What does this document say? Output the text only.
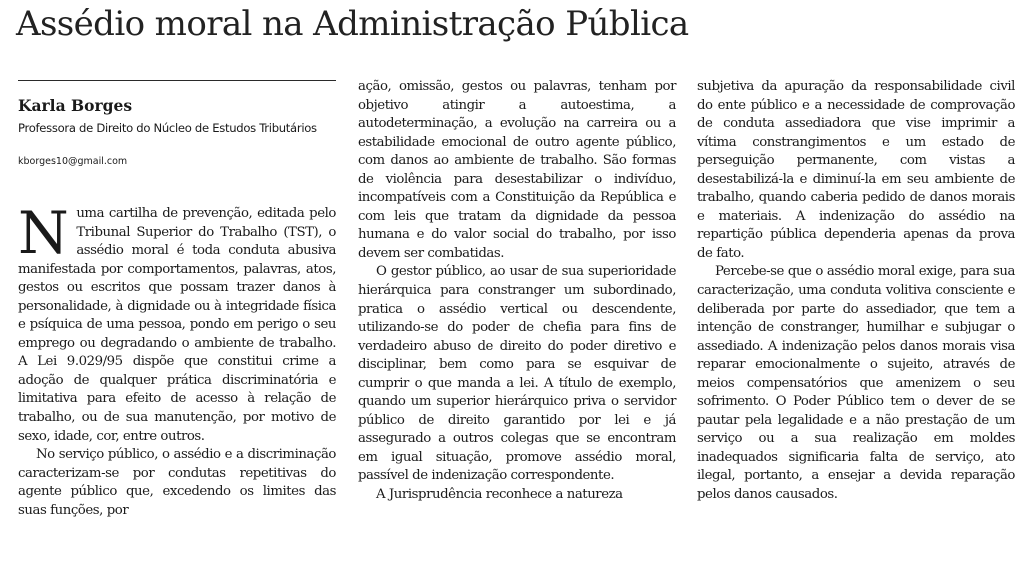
Assédio moral na Administração Pública
Karla Borges

Professora de Direito do Núcleo de Estudos Tributários

kborges10@gmail.com

Numa cartilha de prevenção, editada pelo Tribunal Superior do Trabalho (TST), o assédio moral é toda conduta abusiva manifestada por comportamentos, palavras, atos, gestos ou escritos que possam trazer danos à personalidade, à dignidade ou à integridade física e psíquica de uma pessoa, pondo em perigo o seu emprego ou degradando o ambiente de trabalho. A Lei 9.029/95 dispõe que constitui crime a adoção de qualquer prática discriminatória e limitativa para efeito de acesso à relação de trabalho, ou de sua manutenção, por motivo de sexo, idade, cor, entre outros.

No serviço público, o assédio e a discriminação caracterizam-se por condutas repetitivas do agente público que, excedendo os limites das suas funções, por

ação, omissão, gestos ou palavras, tenham por objetivo atingir a autoestima, a autodeterminação, a evolução na carreira ou a estabilidade emocional de outro agente público, com danos ao ambiente de trabalho. São formas de violência para desestabilizar o indivíduo, incompatíveis com a Constituição da República e com leis que tratam da dignidade da pessoa humana e do valor social do trabalho, por isso devem ser combatidas.

O gestor público, ao usar de sua superioridade hierárquica para constranger um subordinado, pratica o assédio vertical ou descendente, utilizando-se do poder de chefia para fins de verdadeiro abuso de direito do poder diretivo e disciplinar, bem como para se esquivar de cumprir o que manda a lei. A título de exemplo, quando um superior hierárquico priva o servidor público de direito garantido por lei e já assegurado a outros colegas que se encontram em igual situação, promove assédio moral, passível de indenização correspondente.

A Jurisprudência reconhece a natureza

subjetiva da apuração da responsabilidade civil do ente público e a necessidade de comprovação de conduta assediadora que vise imprimir a vítima constrangimentos e um estado de perseguição permanente, com vistas a desestabilizá-la e diminuí-la em seu ambiente de trabalho, quando caberia pedido de danos morais e materiais. A indenização do assédio na repartição pública dependeria apenas da prova de fato.

Percebe-se que o assédio moral exige, para sua caracterização, uma conduta volitiva consciente e deliberada por parte do assediador, que tem a intenção de constranger, humilhar e subjugar o assediado. A indenização pelos danos morais visa reparar emocionalmente o sujeito, através de meios compensatórios que amenizem o seu sofrimento. O Poder Público tem o dever de se pautar pela legalidade e a não prestação de um serviço ou a sua realização em moldes inadequados significaria falta de serviço, ato ilegal, portanto, a ensejar a devida reparação pelos danos causados.
